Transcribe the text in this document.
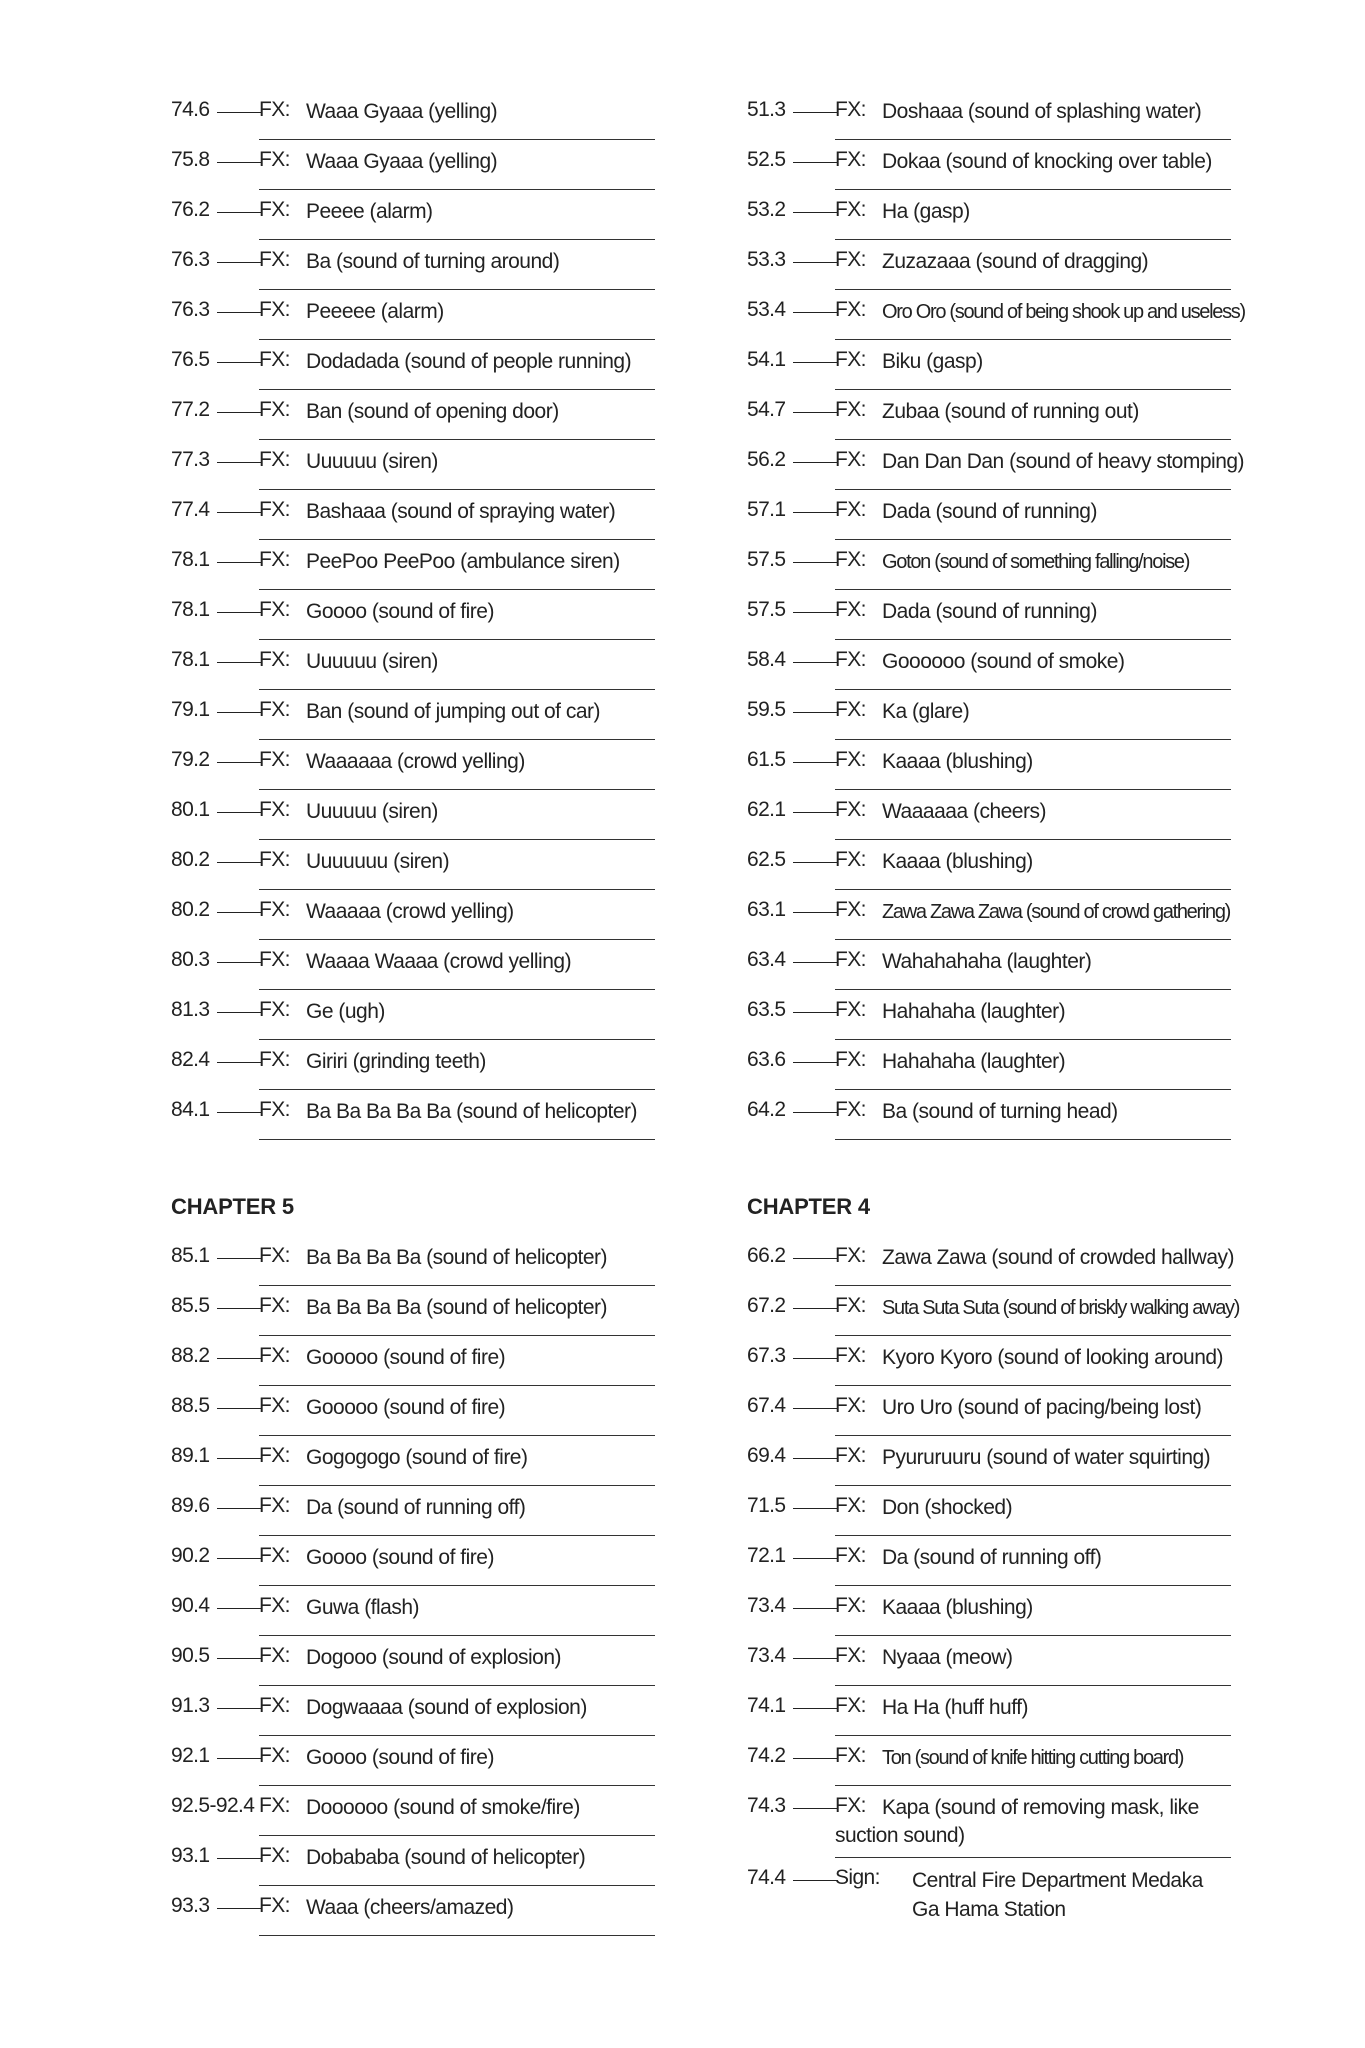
74.6	FX: Waaa Gyaaa (yelling)
75.8	FX: Waaa Gyaaa (yelling)
76.2	FX: Peeee (alarm)
76.3	FX: Ba (sound of turning around)
76.3	FX: Peeeee (alarm)
76.5	FX: Dodadada (sound of people running)
77.2	FX: Ban (sound of opening door)
77.3	FX: Uuuuuu (siren)
77.4	FX: Bashaaa (sound of spraying water)
78.1	FX: PeePoo PeePoo (ambulance siren)
78.1	FX: Goooo (sound of fire)
78.1	FX: Uuuuuu (siren)
79.1	FX: Ban (sound of jumping out of car)
79.2	FX: Waaaaaa (crowd yelling)
80.1	FX: Uuuuuu (siren)
80.2	FX: Uuuuuuu (siren)
80.2	FX: Waaaaa (crowd yelling)
80.3	FX: Waaaa Waaaa (crowd yelling)
81.3	FX: Ge (ugh)
82.4	FX: Giriri (grinding teeth)
84.1	FX: Ba Ba Ba Ba Ba (sound of helicopter)
CHAPTER 5
85.1	FX: Ba Ba Ba Ba (sound of helicopter)
85.5	FX: Ba Ba Ba Ba (sound of helicopter)
88.2	FX: Gooooo (sound of fire)
88.5	FX: Gooooo (sound of fire)
89.1	FX: Gogogogo (sound of fire)
89.6	FX: Da (sound of running off)
90.2	FX: Goooo (sound of fire)
90.4	FX: Guwa (flash)
90.5	FX: Dogooo (sound of explosion)
91.3	FX: Dogwaaaa (sound of explosion)
92.1	FX: Goooo (sound of fire)
92.5-92.4 FX: Doooooo (sound of smoke/fire)
93.1	FX: Dobababa (sound of helicopter)
93.3	FX: Waaa (cheers/amazed)
51.3	FX: Doshaaa (sound of splashing water)
52.5	FX: Dokaa (sound of knocking over table)
53.2	FX: Ha (gasp)
53.3	FX: Zuzazaaa (sound of dragging)
53.4	FX: Oro Oro (sound of being shook up and useless)
54.1	FX: Biku (gasp)
54.7	FX: Zubaa (sound of running out)
56.2	FX: Dan Dan Dan (sound of heavy stomping)
57.1	FX: Dada (sound of running)
57.5	FX: Goton (sound of something falling/noise)
57.5	FX: Dada (sound of running)
58.4	FX: Goooooo (sound of smoke)
59.5	FX: Ka (glare)
61.5	FX: Kaaaa (blushing)
62.1	FX: Waaaaaa (cheers)
62.5	FX: Kaaaa (blushing)
63.1	FX: Zawa Zawa Zawa (sound of crowd gathering)
63.4	FX: Wahahahaha (laughter)
63.5	FX: Hahahaha (laughter)
63.6	FX: Hahahaha (laughter)
64.2	FX: Ba (sound of turning head)
CHAPTER 4
66.2	FX: Zawa Zawa (sound of crowded hallway)
67.2	FX: Suta Suta Suta (sound of briskly walking away)
67.3	FX: Kyoro Kyoro (sound of looking around)
67.4	FX: Uro Uro (sound of pacing/being lost)
69.4	FX: Pyururuuru (sound of water squirting)
71.5	FX: Don (shocked)
72.1	FX: Da (sound of running off)
73.4	FX: Kaaaa (blushing)
73.4	FX: Nyaaa (meow)
74.1	FX: Ha Ha (huff huff)
74.2	FX: Ton (sound of knife hitting cutting board)
74.3	FX: Kapa (sound of removing mask, like suction sound)
74.4	Sign: Central Fire Department Medaka Ga Hama Station
